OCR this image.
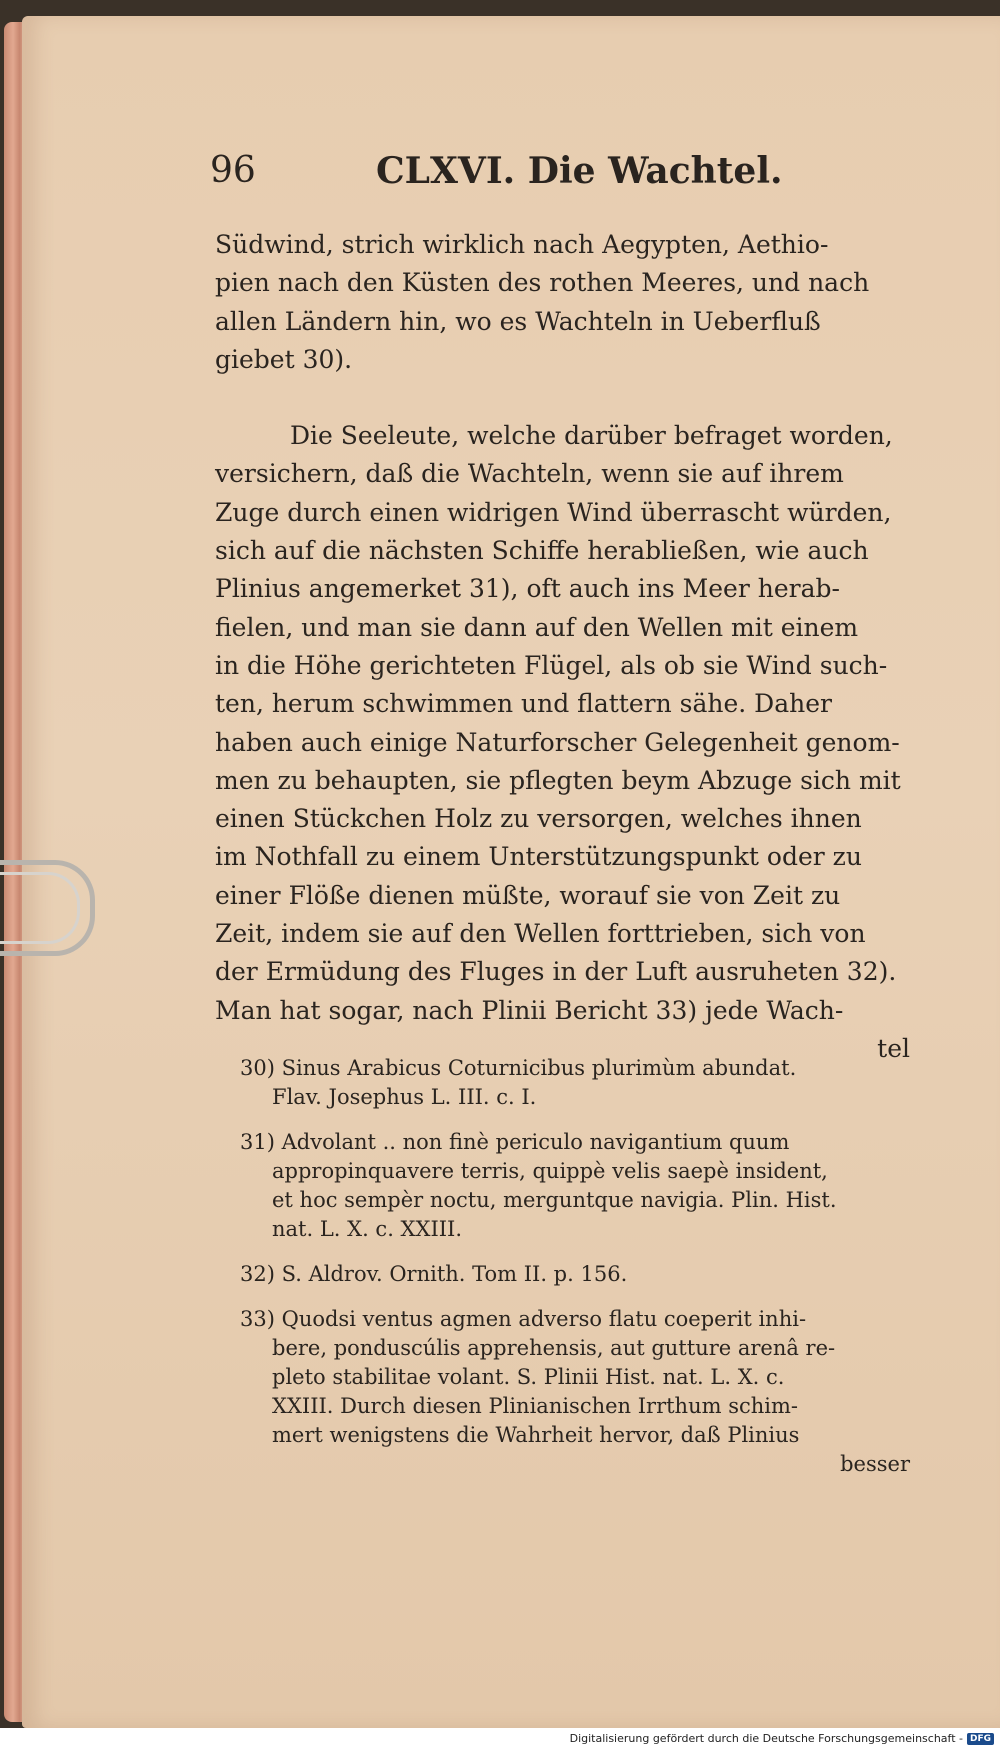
96	CLXVI. Die Wachtel.
Südwind, strich wirklich nach Aegypten, Aethio-
pien nach den Küsten des rothen Meeres, und nach
allen Ländern hin, wo es Wachteln in Ueberfluß
giebet 30).
Die Seeleute, welche darüber befraget worden,
versichern, daß die Wachteln, wenn sie auf ihrem
Zuge durch einen widrigen Wind überrascht würden,
sich auf die nächsten Schiffe herabließen, wie auch
Plinius angemerket 31), oft auch ins Meer herab-
fielen, und man sie dann auf den Wellen mit einem
in die Höhe gerichteten Flügel, als ob sie Wind such-
ten, herum schwimmen und flattern sähe. Daher
haben auch einige Naturforscher Gelegenheit genom-
men zu behaupten, sie pflegten beym Abzuge sich mit
einen Stückchen Holz zu versorgen, welches ihnen
im Nothfall zu einem Unterstützungspunkt oder zu
einer Flöße dienen müßte, worauf sie von Zeit zu
Zeit, indem sie auf den Wellen forttrieben, sich von
der Ermüdung des Fluges in der Luft ausruheten 32).
Man hat sogar, nach Plinii Bericht 33) jede Wach-
tel
30) Sinus Arabicus Coturnicibus plurimùm abundat.
Flav. Josephus L. III. c. I.
31) Advolant .. non finè periculo navigantium quum
appropinquavere terris, quippè velis saepè insident,
et hoc sempèr noctu, merguntque navigia. Plin. Hist.
nat. L. X. c. XXIII.
32) S. Aldrov. Ornith. Tom II. p. 156.
33) Quodsi ventus agmen adverso flatu coeperit inhi-
bere, ponduscúlis apprehensis, aut gutture arenâ re-
pleto stabilitae volant. S. Plinii Hist. nat. L. X. c.
XXIII. Durch diesen Plinianischen Irrthum schim-
mert wenigstens die Wahrheit hervor, daß Plinius
besser
Digitalisierung gefördert durch die Deutsche Forschungsgemeinschaft - DFG
